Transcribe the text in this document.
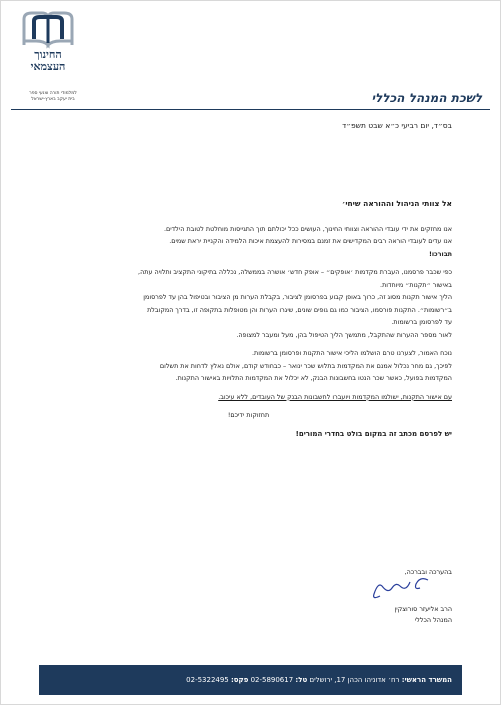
החינוך
העצמאי
למלמודי תורה וצנעי ספר
בית יעקב בארץ-ישראל	לשכת המנהל הכללי
בס״ד, יום רביעי כ״א שבט תשפ״ד

אל צוותי הניהול וההוראה שיחי׳

אנו מחזקים את ידי עובדי ההוראה וצוותי החינוך, העושים ככל יכולתם תוך התגייסות מוחלטת לטובת הילדים.

אנו עדים לעובדי הוראה רבים המקדישים את זמנם במסירות להעצמת איכות הלמידה והקניית יראת שמים.

תבורכו!

כפי שכבר פרסמנו, העברת מקדמות ׳אופקים״ – אופק חדש׳ אושרה בממשלה, נכללה בתיקוני התקציב ותלויה עתה,

באישור ״תקנות״ מיוחדות.

הליך אישור תקנות מסוג זה, כרוך באופן קבוע בפרסומן לציבור, בקבלת הערות מן הציבור ובטיפול בהן עד לפרסומן

ב״רשומות״. התקנות פורסמו, הציבור כמו גם גופים שונים, שיגרו הערות והן מטופלות בתקופה זו, בדרך המקובלת

עד לפרסומן ברשומות.

לאור מספר ההערות שהתקבל, מתמשך הליך הטיפול בהן, מעל ומעבר למצופה.

נוכח האמור, לצערנו טרם הושלמו הליכי אישור התקנות ופרסומן ברשומות.

לפיכך, גם מחר נכלול אמנם את המקדמות בתלוש שכר ינואר – כבחודש קודם, אולם נאלץ לדחות את תשלום

המקדמות בפועל, כאשר שכר הנטו בחשבונות הבנק, לא יכלול את המקדמות התלויות באישור התקנות.

עם אישור התקנות, ישולמו המקדמות ויועברו לחשבונות הבנק של העובדים, ללא עיכוב.

תחזוקות ידיכם!

יש לפרסם מכתב זה במקום בולט בחדרי המורים!

בהערכה ובברכה,
הרב אליעזר סורוצקין
המנהל הכללי
המשרד הראשי: רח׳ אדוניהו הכהן 17, ירושלים טל: 02-5890617 פקס: 02-5322495
